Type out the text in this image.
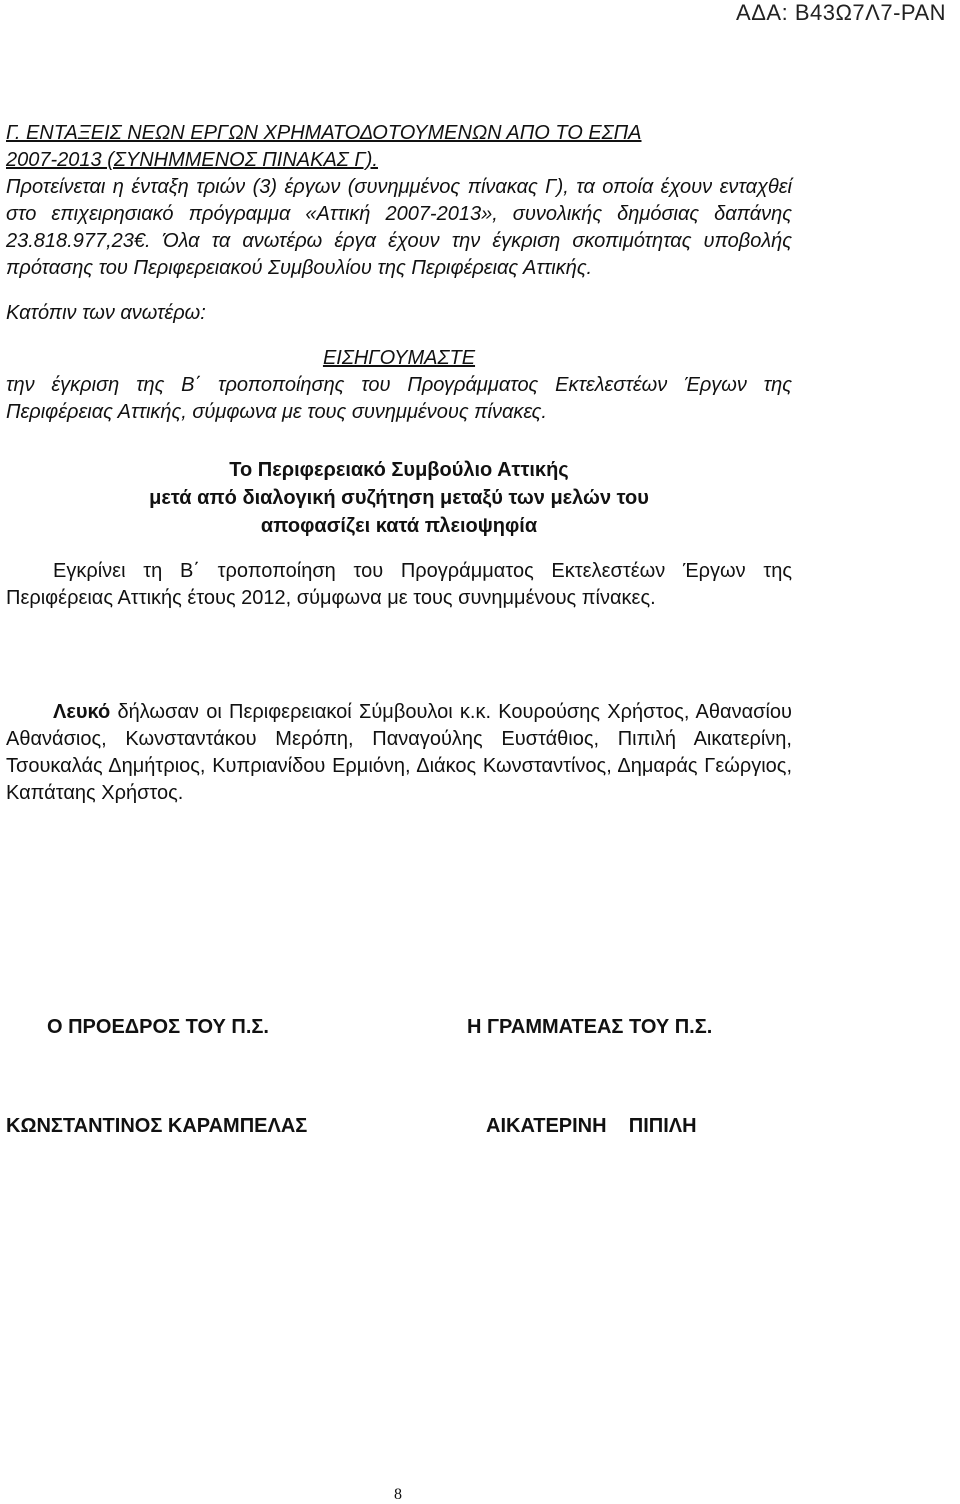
ΑΔΑ: Β43Ω7Λ7-ΡΑΝ

Γ. ΕΝΤΑΞΕΙΣ ΝΕΩΝ ΕΡΓΩΝ ΧΡΗΜΑΤΟΔΟΤΟΥΜΕΝΩΝ ΑΠΟ ΤΟ ΕΣΠΑ

2007-2013 (ΣΥΝΗΜΜΕΝΟΣ ΠΙΝΑΚΑΣ Γ).

Προτείνεται η ένταξη τριών (3) έργων (συνημμένος πίνακας Γ), τα οποία έχουν ενταχθεί στο επιχειρησιακό πρόγραμμα «Αττική 2007-2013», συνολικής δημόσιας δαπάνης 23.818.977,23€. Όλα τα ανωτέρω έργα έχουν την έγκριση σκοπιμότητας υποβολής πρότασης του Περιφερειακού Συμβουλίου της Περιφέρειας Αττικής.

Κατόπιν των ανωτέρω:

ΕΙΣΗΓΟΥΜΑΣΤΕ

την έγκριση της Β΄ τροποποίησης του Προγράμματος Εκτελεστέων Έργων της Περιφέρειας Αττικής, σύμφωνα με τους συνημμένους πίνακες.

Το Περιφερειακό Συμβούλιο Αττικής

μετά από διαλογική συζήτηση μεταξύ των μελών του

αποφασίζει κατά πλειοψηφία

Εγκρίνει τη Β΄ τροποποίηση του Προγράμματος Εκτελεστέων Έργων της Περιφέρειας Αττικής έτους 2012, σύμφωνα με τους συνημμένους πίνακες.

Λευκό δήλωσαν οι Περιφερειακοί Σύμβουλοι κ.κ. Κουρούσης Χρήστος, Αθανασίου Αθανάσιος, Κωνσταντάκου Μερόπη, Παναγούλης Ευστάθιος, Πιπιλή Αικατερίνη, Τσουκαλάς Δημήτριος, Κυπριανίδου Ερμιόνη, Διάκος Κωνσταντίνος, Δημαράς Γεώργιος, Καπάταης Χρήστος.

Ο ΠΡΟΕΔΡΟΣ ΤΟΥ Π.Σ.	Η ΓΡΑΜΜΑΤΕΑΣ ΤΟΥ Π.Σ.
ΚΩΝΣΤΑΝΤΙΝΟΣ ΚΑΡΑΜΠΕΛΑΣ	ΑΙΚΑΤΕΡΙΝΗ    ΠΙΠΙΛΗ
8
